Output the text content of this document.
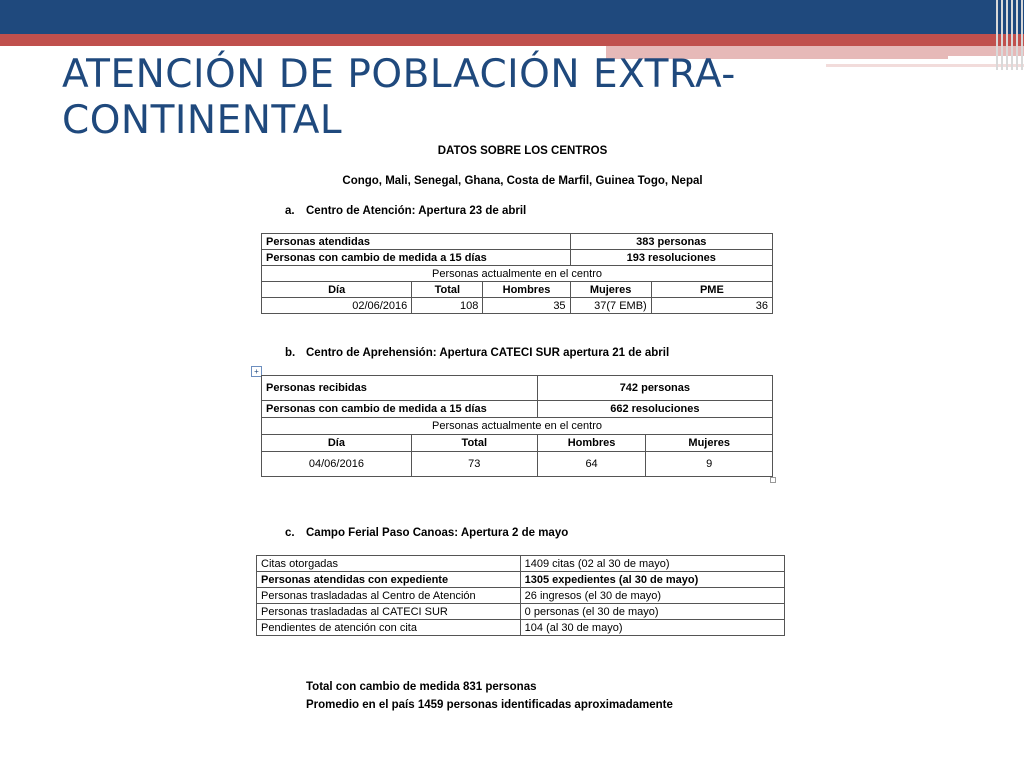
ATENCIÓN DE POBLACIÓN EXTRA-CONTINENTAL
DATOS SOBRE LOS CENTROS
Congo, Mali, Senegal, Ghana, Costa de Marfil, Guinea Togo, Nepal
a. Centro de Atención: Apertura 23 de abril
Personas atendidas			383 personas	
Personas con cambio de medida a 15 días			193 resoluciones	
Personas actualmente en el centro				
Día	Total	Hombres	Mujeres	PME
02/06/2016	108	35	37(7 EMB)	36
b. Centro de Aprehensión: Apertura CATECI SUR apertura 21 de abril
+
Personas recibidas		742 personas	
Personas con cambio de medida a 15 días		662 resoluciones	
Personas actualmente en el centro			
Día	Total	Hombres	Mujeres
04/06/2016	73	64	9
c. Campo Ferial Paso Canoas: Apertura 2 de mayo
Citas otorgadas	1409 citas (02 al 30 de mayo)
Personas atendidas con expediente	1305 expedientes (al 30 de mayo)
Personas trasladadas al Centro de Atención	26 ingresos (el 30 de mayo)
Personas trasladadas al CATECI SUR	0 personas (el 30 de mayo)
Pendientes de atención con cita	104 (al 30 de mayo)
Total con cambio de medida 831 personas
Promedio en el país 1459 personas identificadas aproximadamente
